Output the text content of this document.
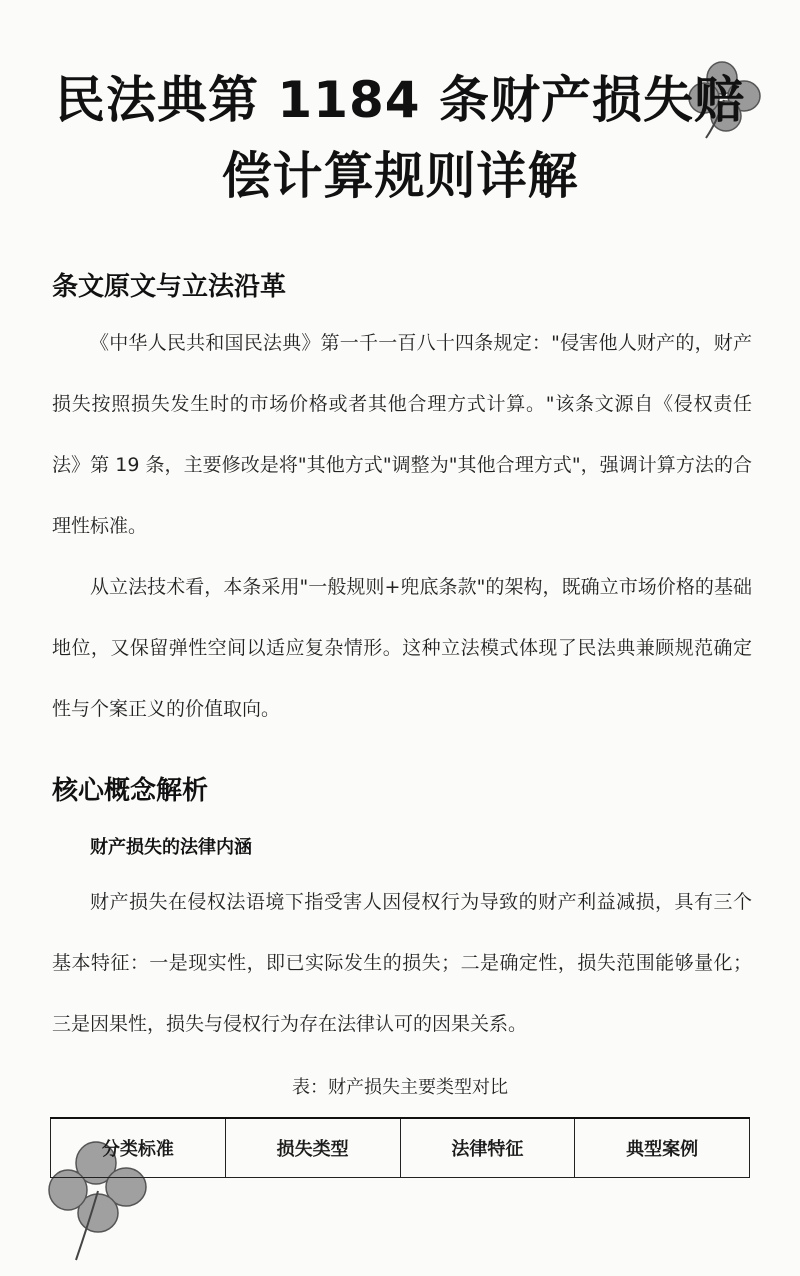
民法典第 1184 条财产损失赔
偿计算规则详解
条文原文与立法沿革
《中华人民共和国民法典》第一千一百八十四条规定："侵害他人财产的，财产损失按照损失发生时的市场价格或者其他合理方式计算。"该条文源自《侵权责任法》第 19 条，主要修改是将"其他方式"调整为"其他合理方式"，强调计算方法的合理性标准。
从立法技术看，本条采用"一般规则+兜底条款"的架构，既确立市场价格的基础地位，又保留弹性空间以适应复杂情形。这种立法模式体现了民法典兼顾规范确定性与个案正义的价值取向。
核心概念解析
财产损失的法律内涵
财产损失在侵权法语境下指受害人因侵权行为导致的财产利益减损，具有三个基本特征：一是现实性，即已实际发生的损失；二是确定性，损失范围能够量化；三是因果性，损失与侵权行为存在法律认可的因果关系。
表：财产损失主要类型对比
分类标准	损失类型	法律特征	典型案例
